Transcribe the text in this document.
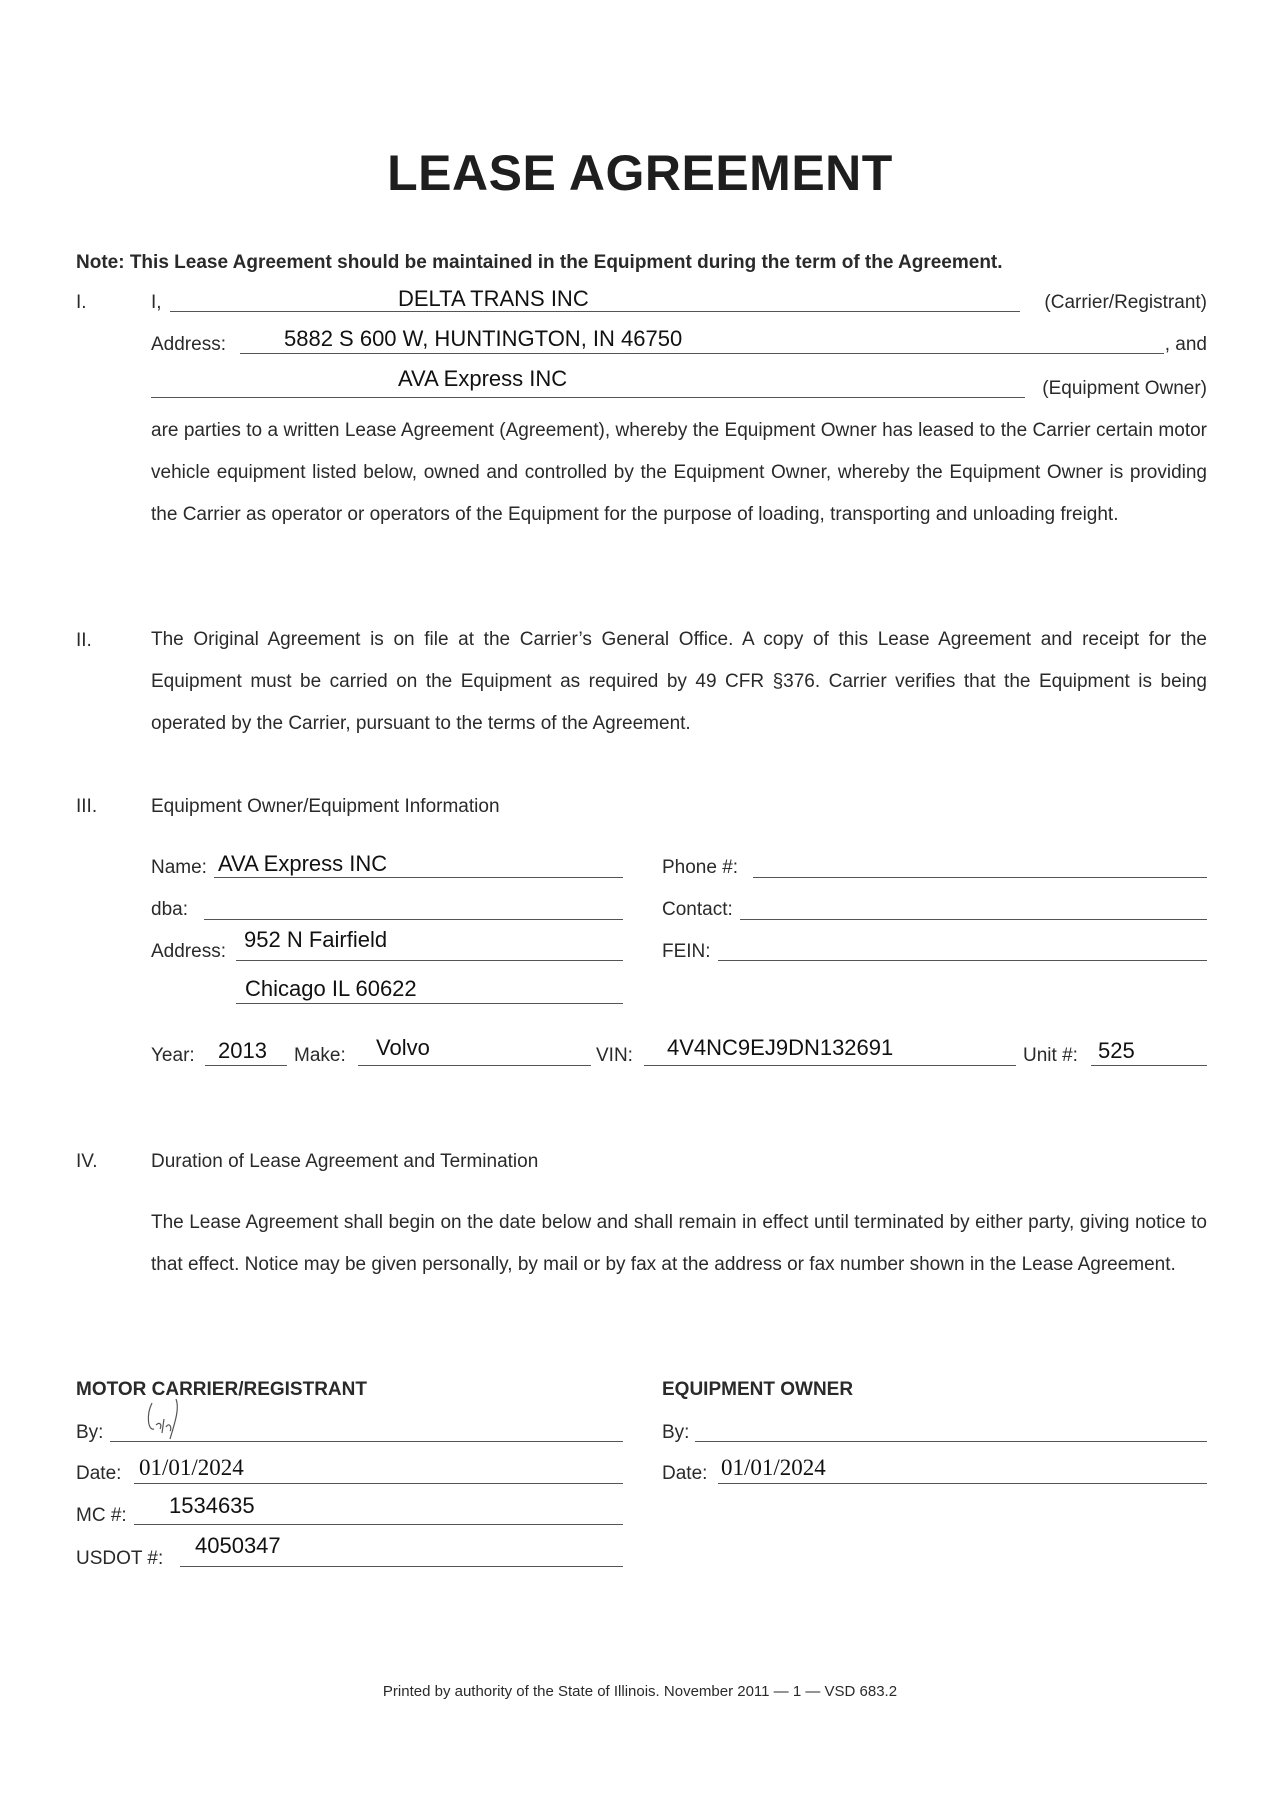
LEASE AGREEMENT
Note: This Lease Agreement should be maintained in the Equipment during the term of the Agreement.
I.	I,	DELTA TRANS INC	(Carrier/Registrant)
Address:	5882 S 600 W, HUNTINGTON, IN 46750	, and
AVA Express INC	(Equipment Owner)
are parties to a written Lease Agreement (Agreement), whereby the Equipment Owner has leased to the Carrier certain motor vehicle equipment listed below, owned and controlled by the Equipment Owner, whereby the Equipment Owner is providing the Carrier as operator or operators of the Equipment for the purpose of loading, transporting and unloading freight.
II.	The Original Agreement is on file at the Carrier’s General Office. A copy of this Lease Agreement and receipt for the Equipment must be carried on the Equipment as required by 49 CFR §376. Carrier verifies that the Equipment is being operated by the Carrier, pursuant to the terms of the Agreement.
III.	Equipment Owner/Equipment Information
Name: AVA Express INC
dba:
Address: 952 N Fairfield
Chicago IL 60622
Phone #:
Contact:
FEIN:
Year: 2013 Make: Volvo	VIN: 4V4NC9EJ9DN132691	Unit #: 525
IV.	Duration of Lease Agreement and Termination
The Lease Agreement shall begin on the date below and shall remain in effect until terminated by either party, giving notice to that effect. Notice may be given personally, by mail or by fax at the address or fax number shown in the Lease Agreement.
MOTOR CARRIER/REGISTRANT
By:
Date: 01/01/2024
MC #: 1534635
USDOT #:
4050347
EQUIPMENT OWNER
By:
Date: 01/01/2024
Printed by authority of the State of Illinois. November 2011 — 1 — VSD 683.2
